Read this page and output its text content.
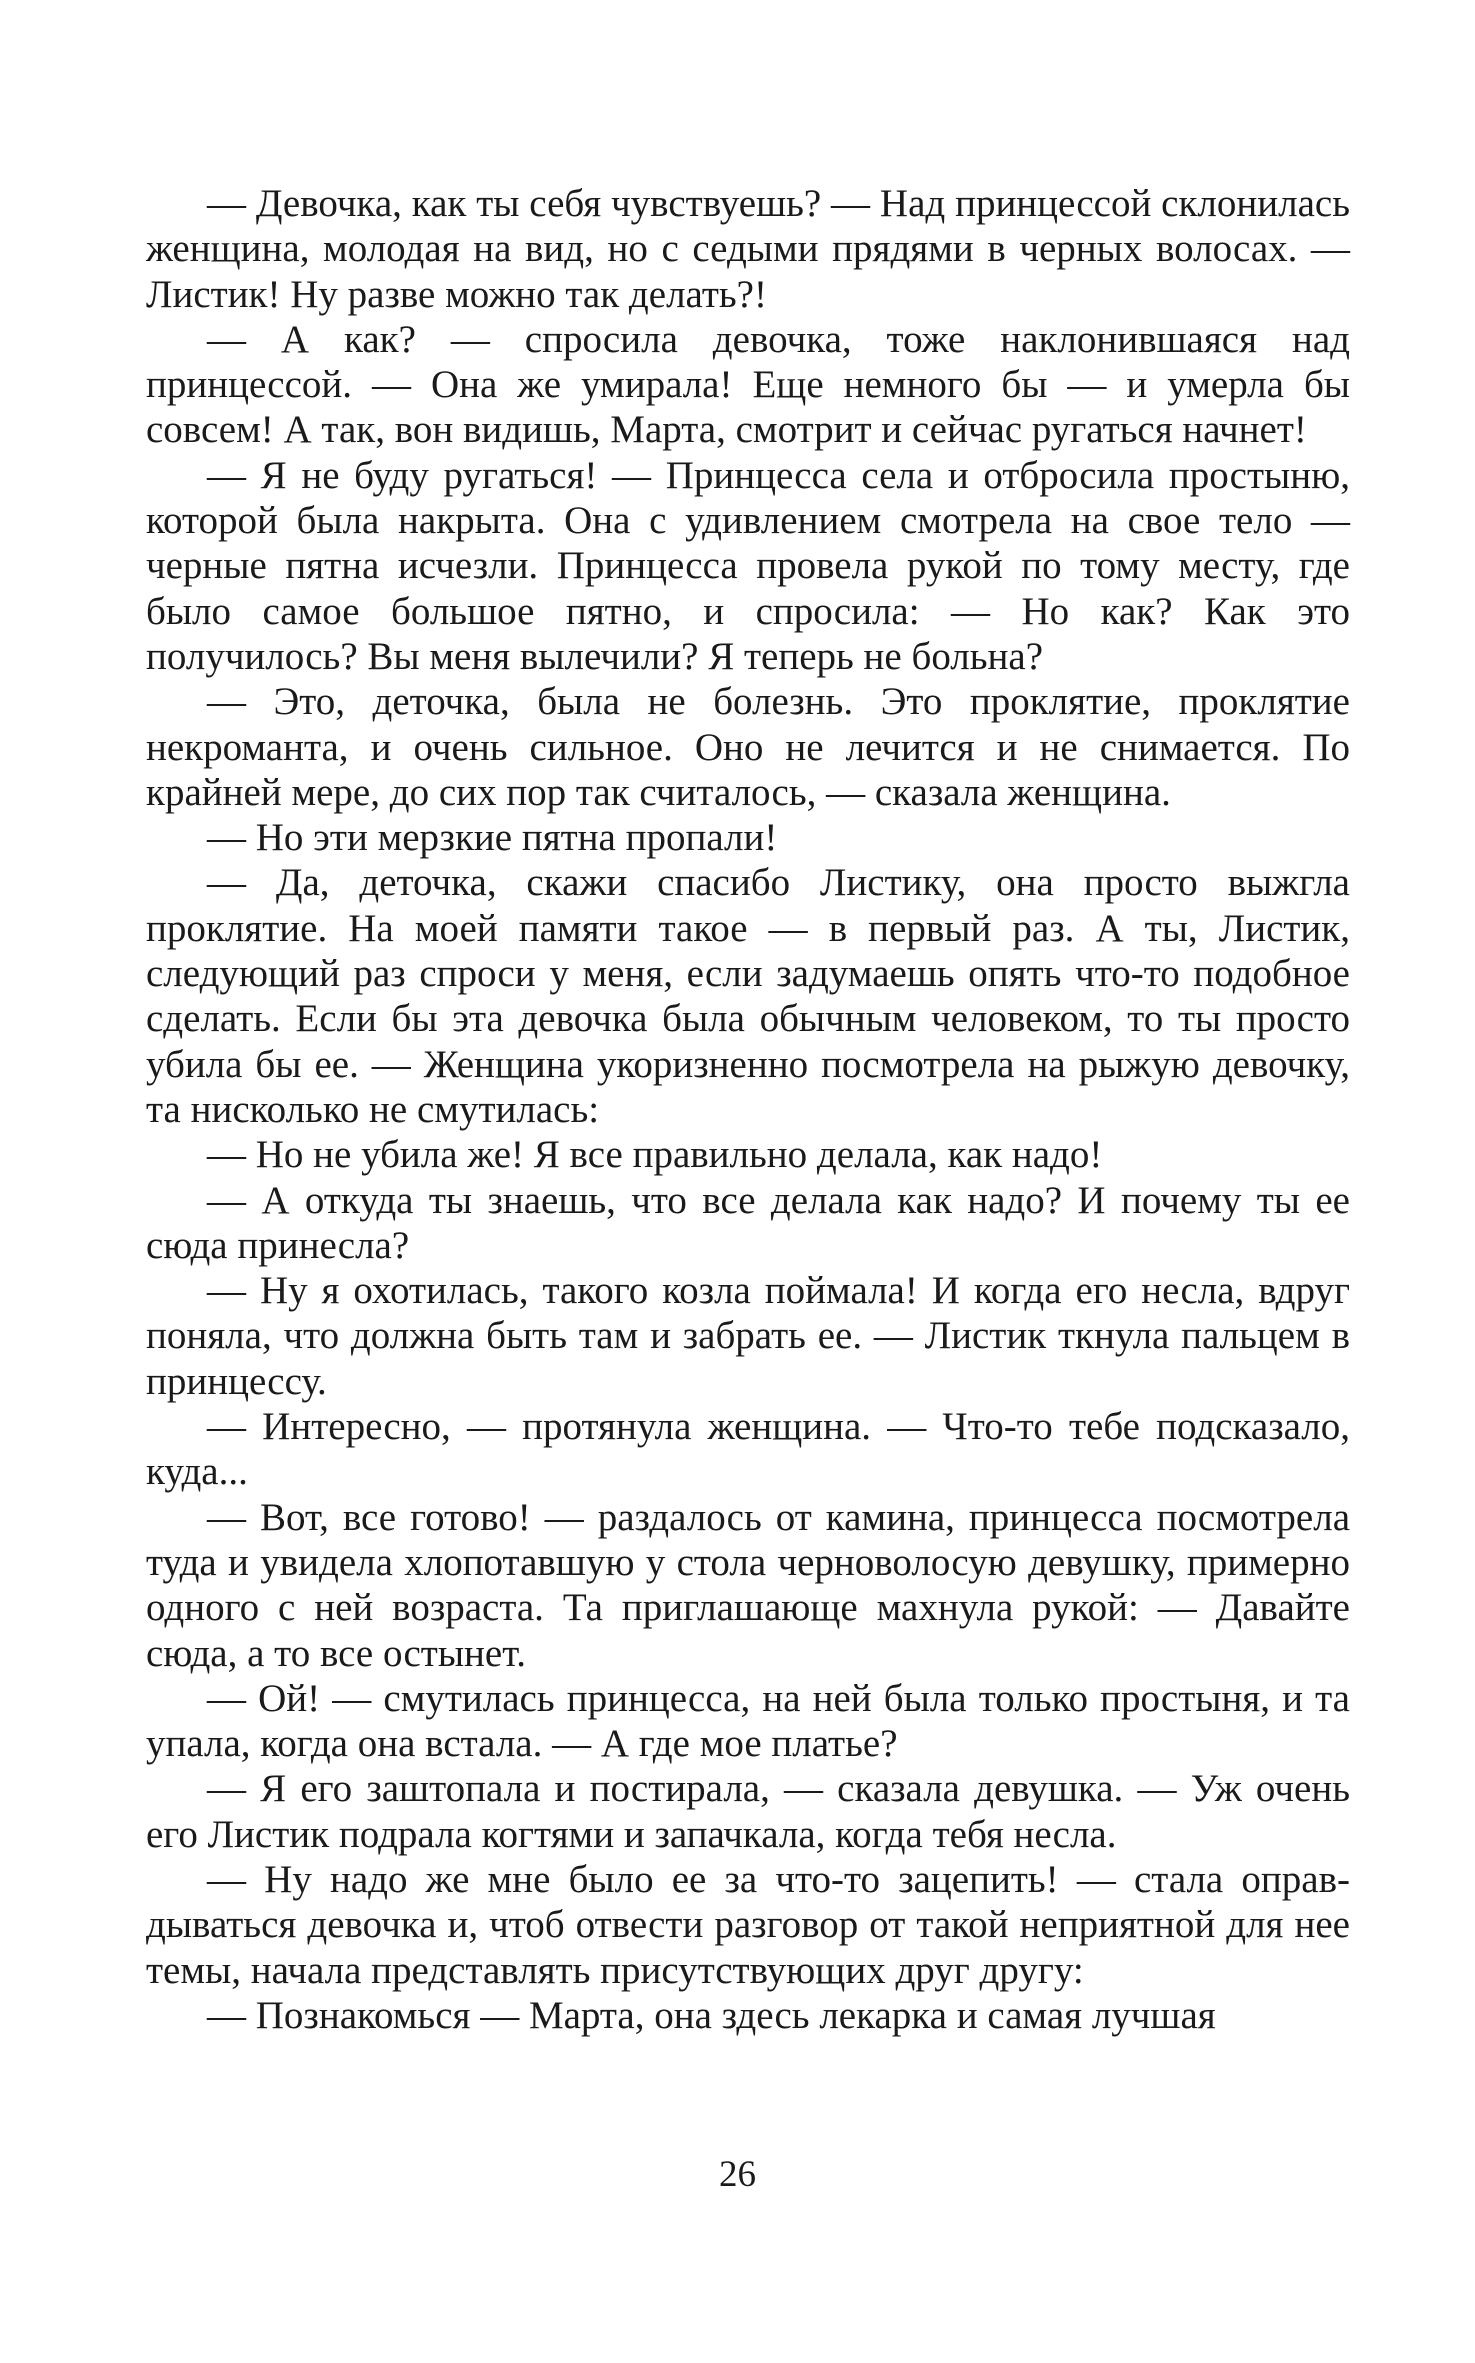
— Девочка, как ты себя чувствуешь? — Над принцессой склонилась женщина, молодая на вид, но с седыми прядями в черных волосах. — Листик! Ну разве можно так делать?!

— А как? — спросила девочка, тоже наклонившаяся над принцессой. — Она же умирала! Еще немного бы — и умерла бы совсем! А так, вон видишь, Марта, смотрит и сейчас ругаться начнет!

— Я не буду ругаться! — Принцесса села и отбросила простыню, которой была накрыта. Она с удивлением смотрела на свое тело — черные пятна исчезли. Принцесса провела рукой по тому месту, где было самое большое пятно, и спросила: — Но как? Как это получилось? Вы меня вылечили? Я теперь не больна?

— Это, деточка, была не болезнь. Это проклятие, проклятие некроманта, и очень сильное. Оно не лечится и не снимается. По крайней мере, до сих пор так считалось, — сказала женщина.

— Но эти мерзкие пятна пропали!

— Да, деточка, скажи спасибо Листику, она просто выжгла проклятие. На моей памяти такое — в первый раз. А ты, Листик, следующий раз спроси у меня, если задумаешь опять что-то подобное сделать. Если бы эта девочка была обычным человеком, то ты просто убила бы ее. — Женщина укоризненно посмотрела на рыжую девочку, та нисколько не смутилась:

— Но не убила же! Я все правильно делала, как надо!

— А откуда ты знаешь, что все делала как надо? И почему ты ее сюда принесла?

— Ну я охотилась, такого козла поймала! И когда его несла, вдруг поняла, что должна быть там и забрать ее. — Листик ткнула пальцем в принцессу.

— Интересно, — протянула женщина. — Что-то тебе подсказало, куда...

— Вот, все готово! — раздалось от камина, принцесса посмотрела туда и увидела хлопотавшую у стола черноволосую девушку, примерно одного с ней возраста. Та приглашающе махнула рукой: — Давайте сюда, а то все остынет.

— Ой! — смутилась принцесса, на ней была только простыня, и та упала, когда она встала. — А где мое платье?

— Я его заштопала и постирала, — сказала девушка. — Уж очень его Листик подрала когтями и запачкала, когда тебя несла.

— Ну надо же мне было ее за что-то зацепить! — стала оправдываться девочка и, чтоб отвести разговор от такой неприятной для нее темы, начала представлять присутствующих друг другу:

— Познакомься — Марта, она здесь лекарка и самая лучшая

26
